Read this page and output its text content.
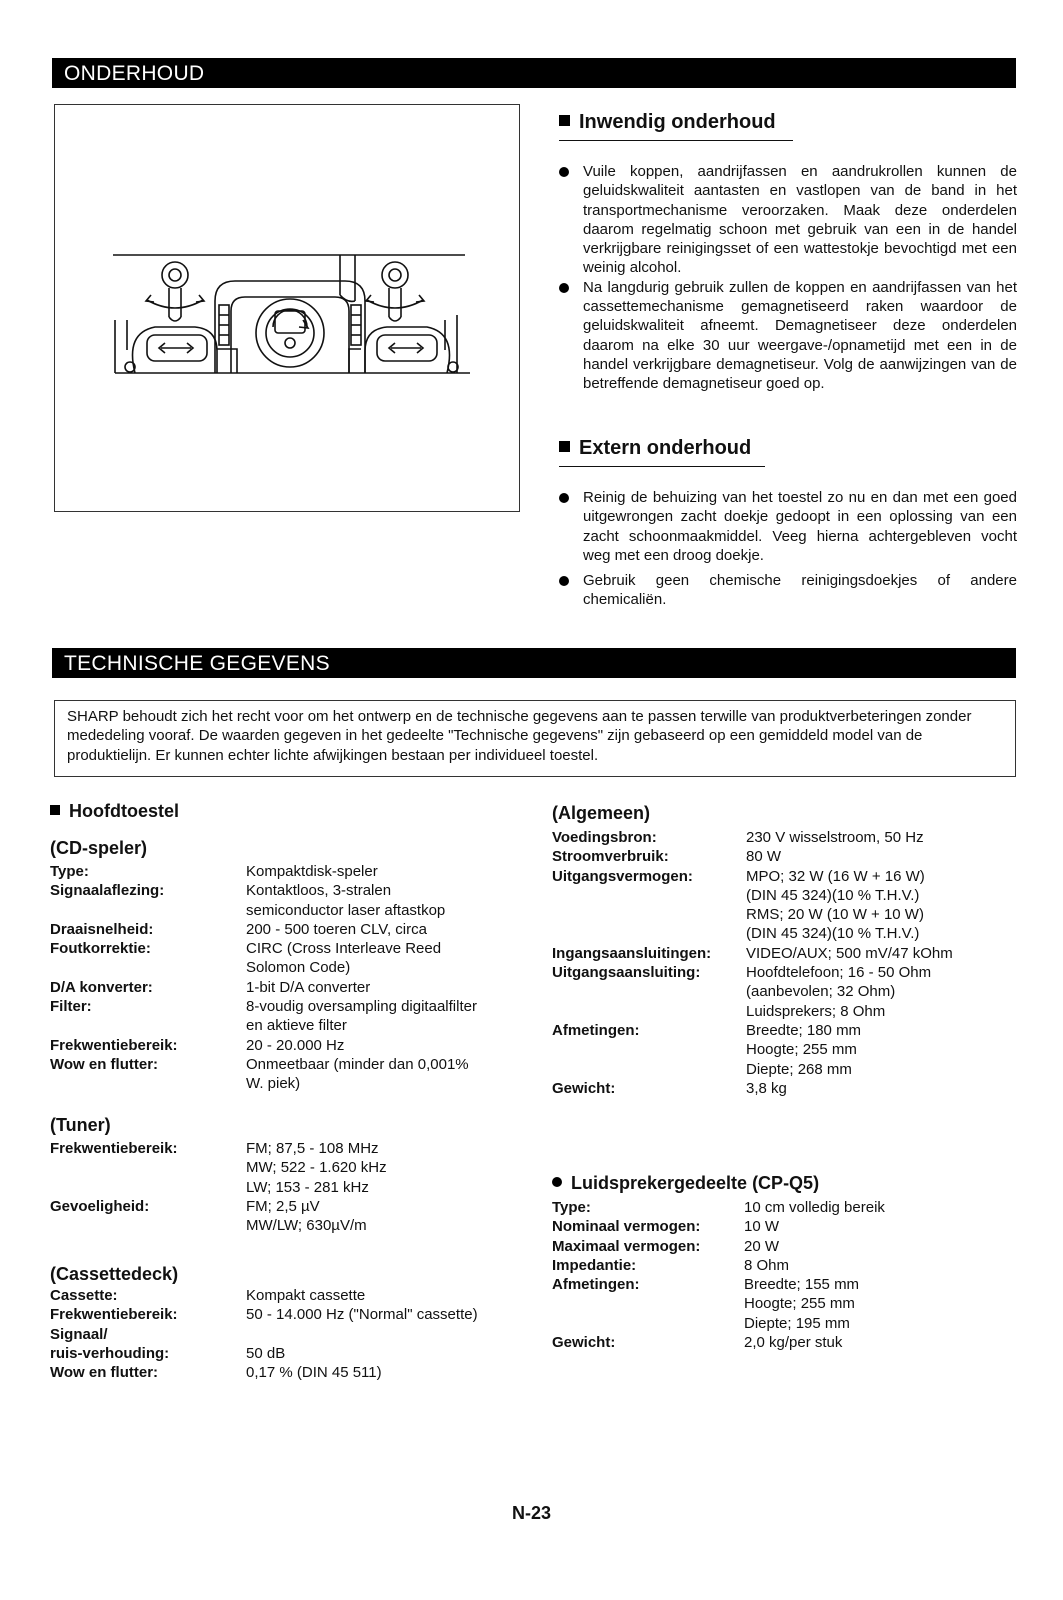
ONDERHOUD
Inwendig onderhoud
Vuile koppen, aandrijfassen en aandrukrollen kunnen de geluidskwaliteit aantasten en vastlopen van de band in het transportmechanisme veroorzaken. Maak deze onderdelen daarom regelmatig schoon met gebruik van een in de handel verkrijgbare reinigingsset of een wattestokje bevochtigd met een weinig alcohol.
Na langdurig gebruik zullen de koppen en aandrijfassen van het cassettemechanisme gemagnetiseerd raken waardoor de geluidskwaliteit afneemt. Demagnetiseer deze onderdelen daarom na elke 30 uur weergave-/opnametijd met een in de handel verkrijgbare demagnetiseur. Volg de aanwijzingen van de betreffende demagnetiseur goed op.
Extern onderhoud
Reinig de behuizing van het toestel zo nu en dan met een goed uitgewrongen zacht doekje gedoopt in een oplossing van een zacht schoonmaakmiddel. Veeg hierna achtergebleven vocht weg met een droog doekje.
Gebruik geen chemische reinigingsdoekjes of andere chemicaliën.
TECHNISCHE GEGEVENS
SHARP behoudt zich het recht voor om het ontwerp en de technische gegevens aan te passen terwille van produktverbeteringen zonder mededeling vooraf. De waarden gegeven in het gedeelte "Technische gegevens" zijn gebaseerd op een gemiddeld model van de produktielijn. Er kunnen echter lichte afwijkingen bestaan per individueel toestel.
Hoofdtoestel
(CD-speler)
Type:	Kompaktdisk-speler
Signaalaflezing:	Kontaktloos, 3-stralen semiconductor laser aftastkop
Draaisnelheid:	200 - 500 toeren CLV, circa
Foutkorrektie:	CIRC (Cross Interleave Reed Solomon Code)
D/A konverter:	1-bit D/A converter
Filter:	8-voudig oversampling digitaalfilter en aktieve filter
Frekwentiebereik:	20 - 20.000 Hz
Wow en flutter:	Onmeetbaar (minder dan 0,001% W. piek)
(Tuner)
Frekwentiebereik:	FM; 87,5 - 108 MHz
	MW; 522 - 1.620 kHz
	LW; 153 - 281 kHz
Gevoeligheid:	FM; 2,5 µV
	MW/LW; 630µV/m
(Cassettedeck)
Cassette:	Kompakt cassette
Frekwentiebereik:	50 - 14.000 Hz ("Normal" cassette)
Signaal/	
ruis-verhouding:	50 dB
Wow en flutter:	0,17 % (DIN 45 511)
(Algemeen)
Voedingsbron:	230 V wisselstroom, 50 Hz
Stroomverbruik:	80 W
Uitgangsvermogen:	MPO; 32 W (16 W + 16 W)
	(DIN 45 324)(10 % T.H.V.)
	RMS; 20 W (10 W + 10 W)
	(DIN 45 324)(10 % T.H.V.)
Ingangsaansluitingen:	VIDEO/AUX; 500 mV/47 kOhm
Uitgangsaansluiting:	Hoofdtelefoon; 16 - 50 Ohm
	(aanbevolen; 32 Ohm)
	Luidsprekers; 8 Ohm
Afmetingen:	Breedte; 180 mm
	Hoogte; 255 mm
	Diepte; 268 mm
Gewicht:	3,8 kg
Luidsprekergedeelte (CP-Q5)
Type:	10 cm volledig bereik
Nominaal vermogen:	10 W
Maximaal vermogen:	20 W
Impedantie:	8 Ohm
Afmetingen:	Breedte; 155 mm
	Hoogte; 255 mm
	Diepte; 195 mm
Gewicht:	2,0 kg/per stuk
N-23
